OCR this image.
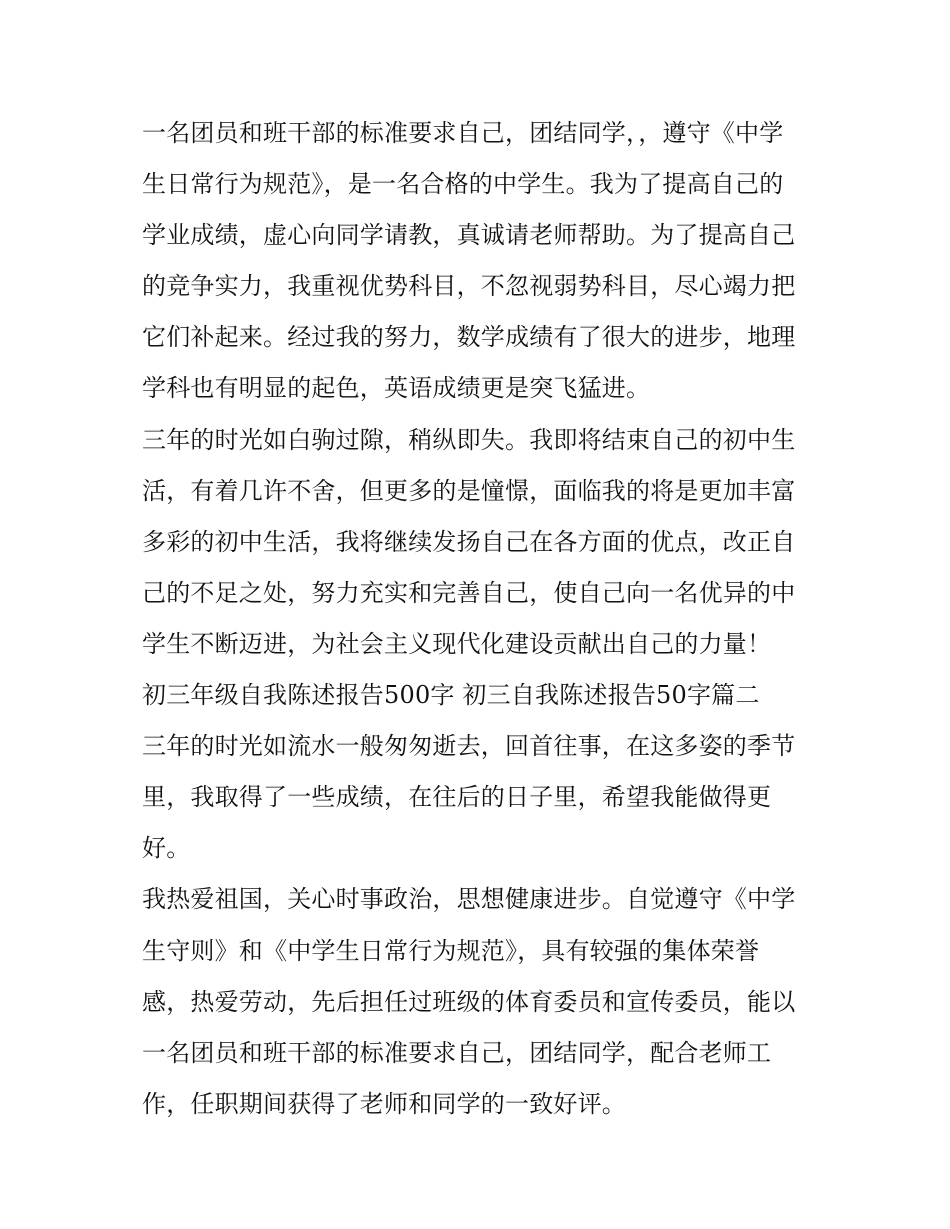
一名团员和班干部的标准要求自己，团结同学，，遵守《中学
生日常行为规范》，是一名合格的中学生。我为了提高自己的
学业成绩，虚心向同学请教，真诚请老师帮助。为了提高自己
的竞争实力，我重视优势科目，不忽视弱势科目，尽心竭力把
它们补起来。经过我的努力，数学成绩有了很大的进步，地理
学科也有明显的起色，英语成绩更是突飞猛进。
三年的时光如白驹过隙，稍纵即失。我即将结束自己的初中生
活，有着几许不舍，但更多的是憧憬，面临我的将是更加丰富
多彩的初中生活，我将继续发扬自己在各方面的优点，改正自
己的不足之处，努力充实和完善自己，使自己向一名优异的中
学生不断迈进，为社会主义现代化建设贡献出自己的力量！
初三年级自我陈述报告500字 初三自我陈述报告50字篇二
三年的时光如流水一般匆匆逝去，回首往事，在这多姿的季节
里，我取得了一些成绩，在往后的日子里，希望我能做得更
好。
我热爱祖国，关心时事政治，思想健康进步。自觉遵守《中学
生守则》和《中学生日常行为规范》，具有较强的集体荣誉
感，热爱劳动，先后担任过班级的体育委员和宣传委员，能以
一名团员和班干部的标准要求自己，团结同学，配合老师工
作，任职期间获得了老师和同学的一致好评。
